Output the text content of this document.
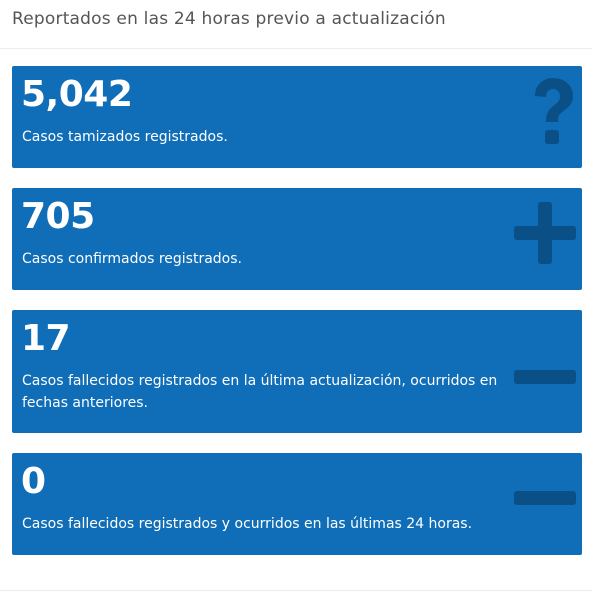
Reportados en las 24 horas previo a actualización
5,042
Casos tamizados registrados.
705
Casos confirmados registrados.
17
Casos fallecidos registrados en la última actualización, ocurridos en fechas anteriores.
0
Casos fallecidos registrados y ocurridos en las últimas 24 horas.
